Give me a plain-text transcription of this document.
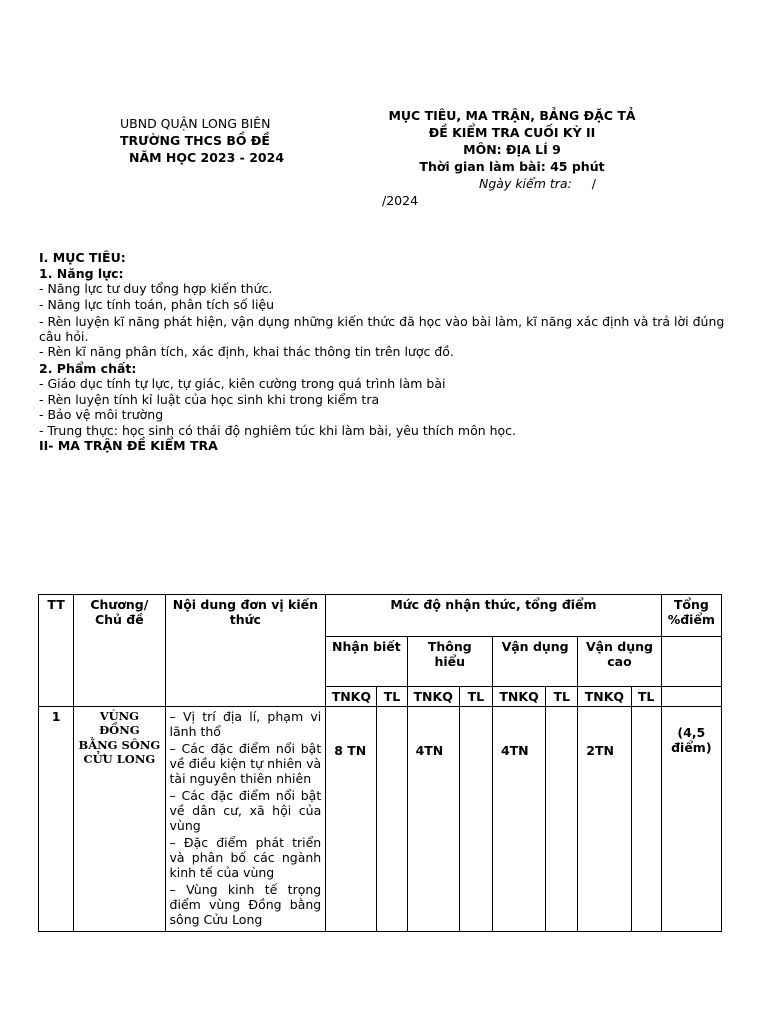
UBND QUẬN LONG BIÊN
TRƯỜNG THCS BỒ ĐỀ
NĂM HỌC 2023 - 2024
MỤC TIÊU, MA TRẬN, BẢNG ĐẶC TẢ
ĐỀ KIỂM TRA CUỐI KỲ II
MÔN: ĐỊA LÍ 9
Thời gian làm bài: 45 phút
Ngày kiểm tra: /
/2024
I. MỤC TIÊU:
1. Năng lực:
- Năng lực tư duy tổng hợp kiến thức.
- Năng lực tính toán, phân tích số liệu
- Rèn luyện kĩ năng phát hiện, vận dụng những kiến thức đã học vào bài làm, kĩ năng xác định và trả lời đúng câu hỏi.
- Rèn kĩ năng phân tích, xác định, khai thác thông tin trên lược đồ.
2. Phẩm chất:
- Giáo dục tính tự lực, tự giác, kiên cường trong quá trình làm bài
- Rèn luyện tính kỉ luật của học sinh khi trong kiểm tra
- Bảo vệ môi trường
- Trung thực: học sinh có thái độ nghiêm túc khi làm bài, yêu thích môn học.
II- MA TRẬN ĐỀ KIỂM TRA
TT	Chương/ Chủ đề	Nội dung đơn vị kiến thức	Mức độ nhận thức, tổng điểm								Tổng %điểm
			Nhận biết		Thông hiểu		Vận dụng		Vận dụng cao		
			TNKQ	TL	TNKQ	TL	TNKQ	TL	TNKQ	TL	
1	VÙNG ĐỒNG BẰNG SÔNG CỬU LONG	– Vị trí địa lí, phạm vi lãnh thổ
– Các đặc điểm nổi bật về điều kiện tự nhiên và tài nguyên thiên nhiên
– Các đặc điểm nổi bật về dân cư, xã hội của vùng
– Đặc điểm phát triển và phân bố các ngành kinh tế của vùng
– Vùng kinh tế trọng điểm vùng Đồng bằng sông Cửu Long	8 TN		4TN		4TN		2TN		(4,5 điểm)
